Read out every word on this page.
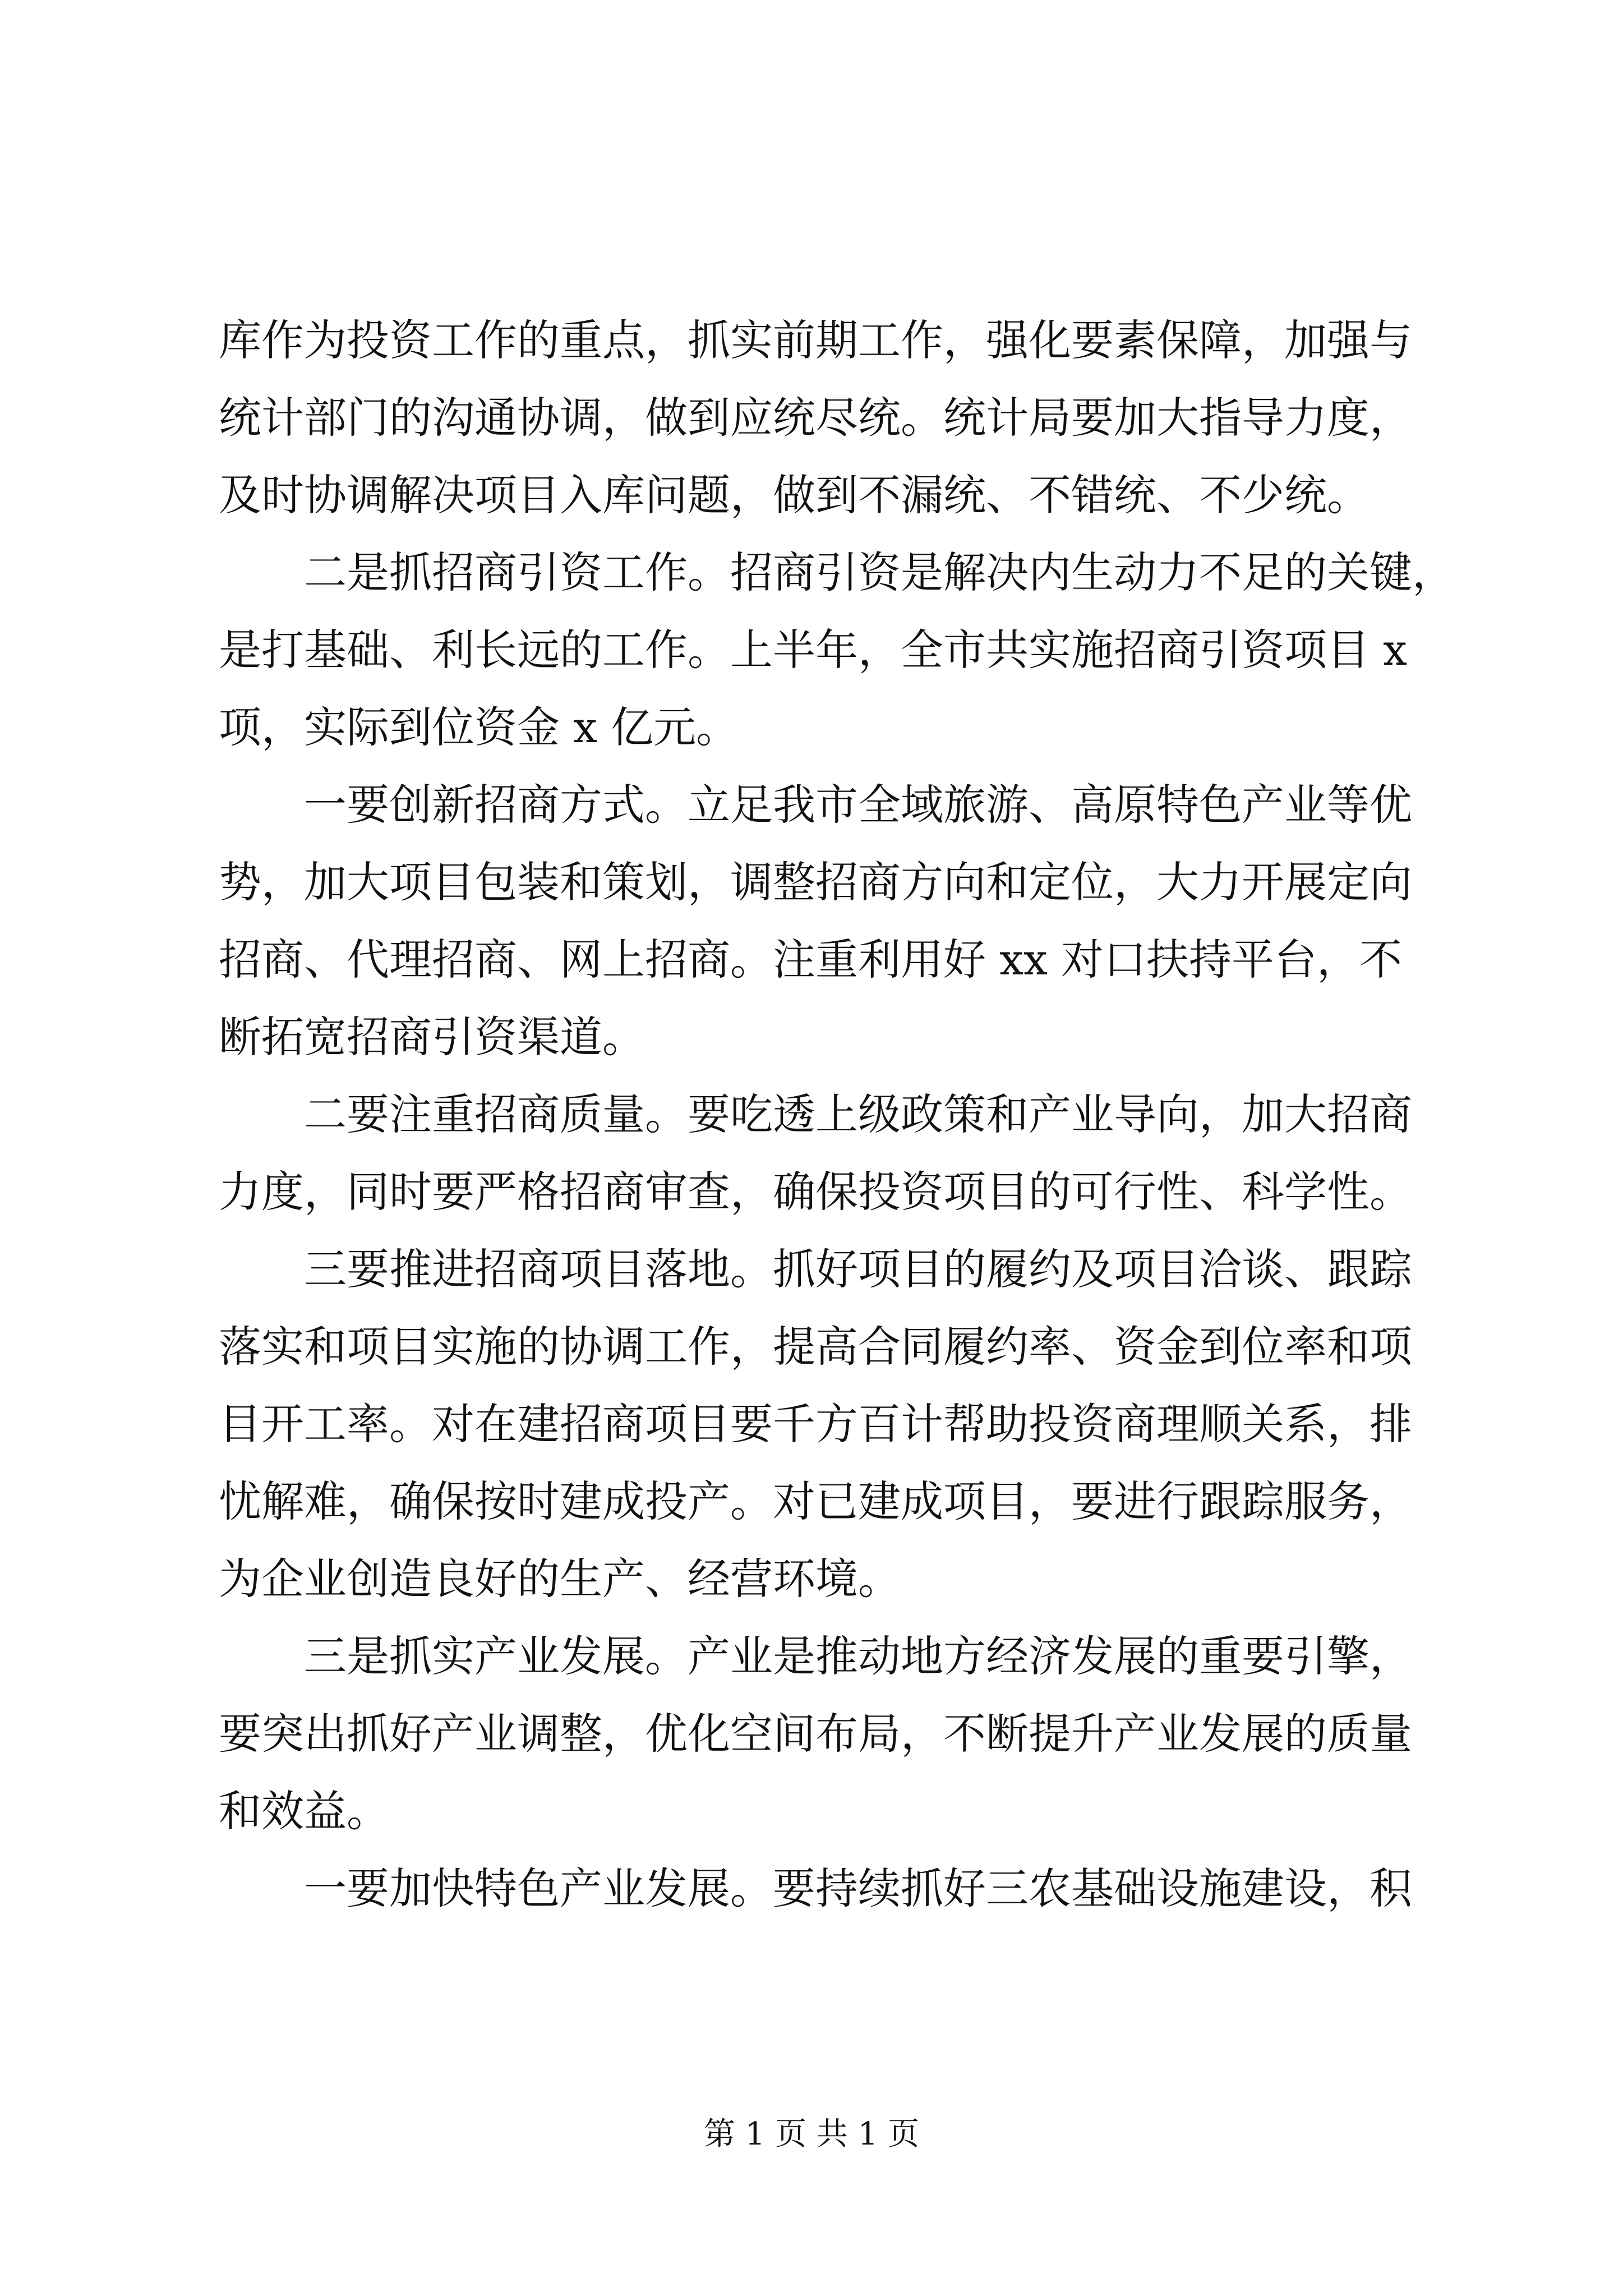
库作为投资工作的重点，抓实前期工作，强化要素保障，加强与
统计部门的沟通协调，做到应统尽统。统计局要加大指导力度，
及时协调解决项目入库问题，做到不漏统、不错统、不少统。
二是抓招商引资工作。招商引资是解决内生动力不足的关键，
是打基础、利长远的工作。上半年，全市共实施招商引资项目 x
项，实际到位资金 x 亿元。
一要创新招商方式。立足我市全域旅游、高原特色产业等优
势，加大项目包装和策划，调整招商方向和定位，大力开展定向
招商、代理招商、网上招商。注重利用好 xx 对口扶持平台，不
断拓宽招商引资渠道。
二要注重招商质量。要吃透上级政策和产业导向，加大招商
力度，同时要严格招商审查，确保投资项目的可行性、科学性。
三要推进招商项目落地。抓好项目的履约及项目洽谈、跟踪
落实和项目实施的协调工作，提高合同履约率、资金到位率和项
目开工率。对在建招商项目要千方百计帮助投资商理顺关系，排
忧解难，确保按时建成投产。对已建成项目，要进行跟踪服务，
为企业创造良好的生产、经营环境。
三是抓实产业发展。产业是推动地方经济发展的重要引擎，
要突出抓好产业调整，优化空间布局，不断提升产业发展的质量
和效益。
一要加快特色产业发展。要持续抓好三农基础设施建设，积
第 1 页 共 1 页
